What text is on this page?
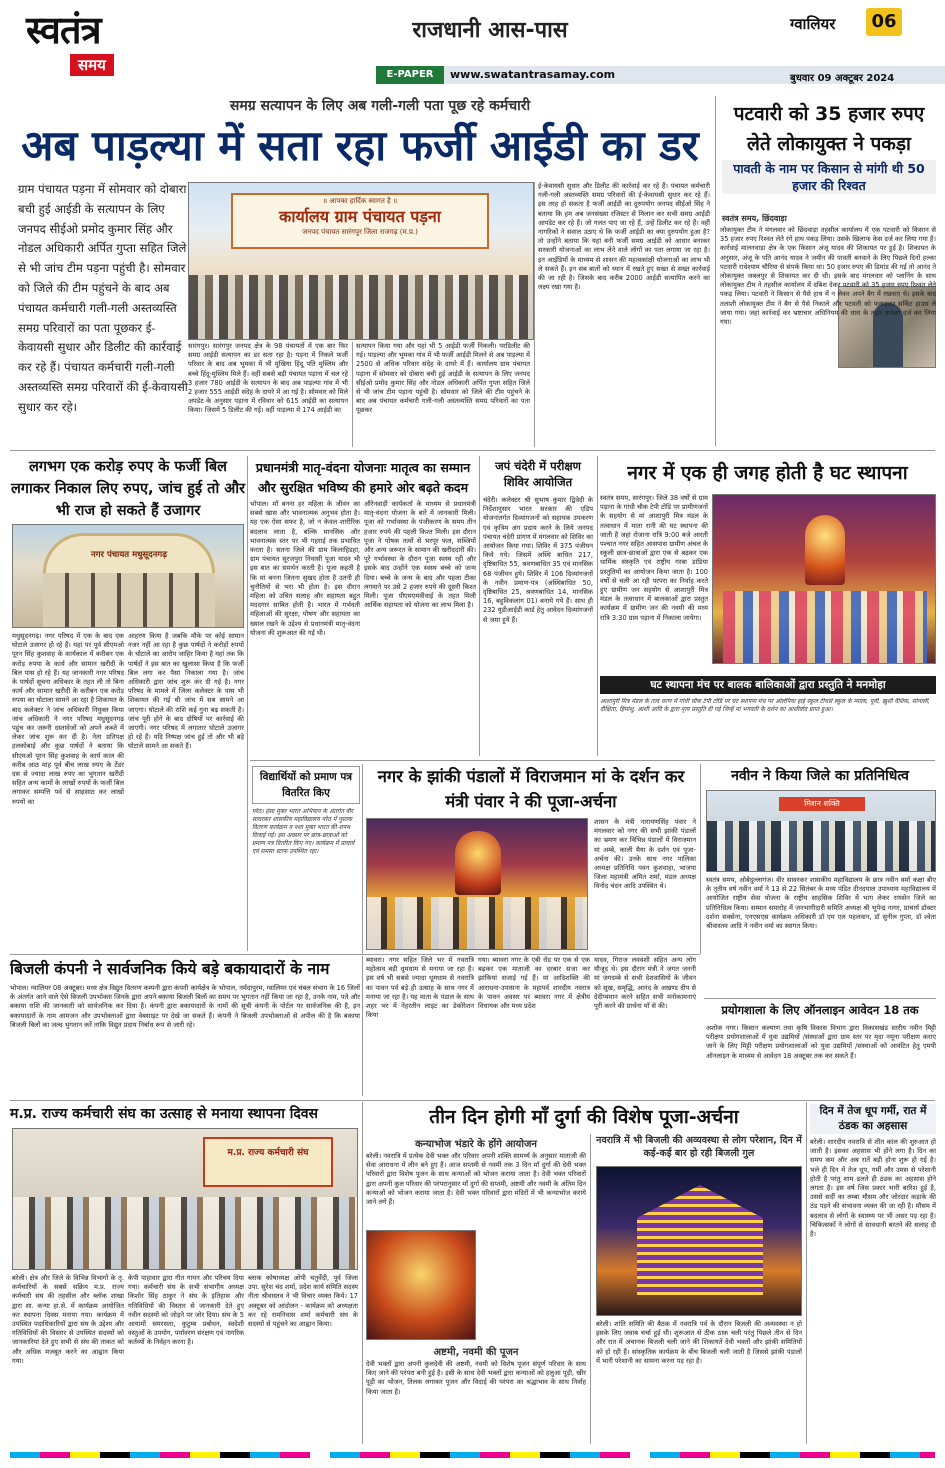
स्वतंत्र
समय
राजधानी आस-पास
E-PAPER	www.swatantrasamay.com
ग्वालियर	06
बुधवार 09 अक्टूबर 2024
समग्र सत्यापन के लिए अब गली-गली पता पूछ रहे कर्मचारी
अब पाड़ल्या में सता रहा फर्जी आईडी का डर
ग्राम पंचायत पड़ना में सोमवार को दोबारा बची हुई आईडी के सत्यापन के लिए जनपद सीईओ प्रमोद कुमार सिंह और नोडल अधिकारी अर्पित गुप्ता सहित जिले से भी जांच टीम पड़ना पहुंची है। सोमवार को जिले की टीम पहुंचने के बाद अब पंचायत कर्मचारी गली-गली अस्तव्यस्ति समग्र परिवारों का पता पूछकर ई-केवायसी सुधार और डिलीट की कार्रवाई कर रहे हैं। पंचायत कर्मचारी गली-गली अस्तव्यस्ति समग्र परिवारों की ई-केवायसी सुधार कर रहे।
॥ आपका हार्दिक स्वागत है ॥
कार्यालय ग्राम पंचायत पड़ना
जनपद पंचायत सारंगपुर जिला राजगढ़ (म.प्र.)
सारंगपुर। सारंगपुर जनपद क्षेत्र के 98 पंचायतों में एक बार फिर समग्र आईडी सत्यापन का डर सता रहा है। पड़ना में निकले फर्जी परिवार के बाद अब भूमका में भी मुखिया हिंदू पति मुस्लिम और बच्चे हिंदू-मुस्लिम मिले हैं। वहीं सबसे बड़ी पंचायत पड़ाना में चल रहे 3 हजार 780 आईडी के सत्यापन के बाद अब पाड़ल्या गांव में भी 2 हजार 555 आईडी संदेह के दायरे में आ गई है। सोमवार को मिले अपडेट के अनुसार पड़ाना में रविवार को 615 आईडी का सत्यापन किया। जिसमें 5 डिलीट की गई। वहीं पाड़ल्या में 174 आईडी का
सत्यापन किया गया और यहां भी 5 आईडी फर्जी निकली। परडिलीट की गई। पाड़ल्या और भूमका गांव में भी फर्जी आईडी मिलने से अब पाड़ल्या में 2500 से अधिक परिवार संदेह के दायरे में हैं। कार्यालय ग्राम पंचायत पड़ाना में सोमवार को दोबारा बची हुई आईडी के सत्यापन के लिए जनपद सीईओ प्रमोद कुमार सिंह और नोडल अधिकारी अर्पित गुप्ता सहित जिले से भी जांच टीम पड़ाना पहुंची है। सोमवार को जिले की टीम पहुंचने के बाद अब पंचायत कर्मचारी गली-गली अस्तव्यस्ति समग्र परिवारों का पता पूछकर
ई-केवायसी सुधार और डिलीट की कार्रवाई कर रहे हैं। पंचायत कर्मचारी गली-गली अस्तव्यस्ति समग्र परिवारों की ई-केवायसी सुधार कर रहे हैं। इस तरह हो सकता है फर्जी आईडी का दुरुपयोग जनपद सीईओ सिंह ने बताया कि हम अब जनसंख्या रजिस्टर से मिलान कर सभी समग्र आईडी आपडेट कर रहे हैं। जो गलत पाए जा रहे हैं, उन्हें डिलीट कर रहे हैं। वहीं नागरिकों ने सवाल उठाए थे कि फर्जी आईडी का क्या दुरुपयोग हुआ है? तो उन्होंने बताया कि यहां बनी फर्जी समग्र आईडी को आधार बनाकर सरकारी योजनाओं का लाभ लेने वाले लोगों का पता लगाया जा रहा है। इन आईडियों के माध्यम से शासन की महत्वकांक्षी योजनाओं का लाभ भी ले सकते हैं। इन सब बातों को ध्यान में रखते हुए सख्त से सख्त कार्रवाई की जा रही है। जिसके बाद करीब 2000 आईडी सत्यापित करने का लक्ष्य रखा गया है।
पटवारी को 35 हजार रुपए
लेते लोकायुक्त ने पकड़ा
पावती के नाम पर किसान से मांगी थी 50 हजार की रिश्वत
स्वतंत्र समय, छिंदवाड़ा
लोकायुक्त टीम ने मंगलवार को छिंदवाड़ा तहसील कार्यालय में एक पटवारी को किसान से 35 हजार रुपए रिश्वत लेते रंगे हाथ पकड़ लिया। उसके खिलाफ केस दर्ज कर लिया गया है। कार्रवाई मालनवाड़ा क्षेत्र के एक किसान अंजू यादव की शिकायत पर हुई है। शिकायत के अनुसार, अंजू के पति आनंद यादव ने जमीन की पावती बनवाने के लिए पिछले दिनों हल्का पटवारी राधेश्याम चौरिया से संपर्क किया था। 50 हजार रुपए की डिमांड की गई तो आनंद ने लोकायुक्त जबलपुर से शिकायत कर दी थी। इसके बाद मंगलवार को प्लानिंग के साथ लोकायुक्त टीम ने तहसील कार्यालय में दबिश देकर पटवारी को 35 हजार रुपए रिश्वत लेते पकड़ लिया। पटवारी ने किसान से पैसे हाथ में न लेकर अपने बैग में रखवाए थे। इसके बाद तलाशी लोकायुक्त टीम ने बैग से पैसे निकाले और पटवारी को फकड़कर सर्किट हाउस ले जाया गया। जहां कार्रवाई कर भ्रष्टाचार अधिनियम की धारा के तहत मामला दर्ज कर लिया गया।
लगभग एक करोड़ रुपए के फर्जी बिल लगाकर निकाल लिए रुपए, जांच हुई तो और भी राज हो सकते हैं उजागर
नगर पंचायत मधुसूदनगढ़
मधुसूदनगढ़। नगर परिषद में एक के बाद एक घोटाले उजागर हो रहे हैं। यहां पर पूर्व सीएमओ पूरन सिंह कुशवाह के कार्यकाल में करीबन एक करोड़ रुपया के कार्य और सामान खरीदी के बिल पास हो रहे हैं। यह जानकारी नगर परिषद के पार्षदों सूचना अधिकार के तहत ली तो बिना कार्य और सामान खरीदी के करीबन एक करोड़ रुपया का घोटाला सामने आ रहा है शिकायत के बाद कलेक्टर ने जांच अधिकारी नियुक्त किया जांच अधिकारी ने नगर परिषद मधुसूदनगढ़ पहुंच कर जरूरी दस्तावेजों को अपने कब्जे में लेकर जांच शुरू कर दी है। नेता प्रतिपक्ष हलकोबाई और कुछ पार्षदों ने बताया कि सीएमओ पूरन सिंह कुशवाह के कार्य काल की करीब आठ माह पूर्व बीच लाख रुपए के टेंडर दस से ज्यादा लाख रुपए का भुगतान खरीदी सहित अन्य कामों के लाखों रुपयों के फर्जी बिल लगाकर सम्पत्ति पर्व से साढ़साठ कर लाखों रुपयों का
आहरण किया है जबकि मौके पर कोई सामान नजर नहीं आ रहा है कुछ पार्षदों ने करोड़ों रुपयों के घोटाले का आरोप जाहिर किया है यहां तक कि पार्षदों ने इस बात का खुलासा किया है कि फर्जी बिल लगा कर पैसा निकाला गया है। जांच अधिकारी द्वारा जांच शुरू कर दी गई है। नगर परिषद के मामले में जिला कलेक्टर के पास भी शिकायत की गई थी जांच में सब सामने आ जाएगा। घोटाले की राशि कई गुना बढ़ सकती है। जांच पूरी होने के बाद दोषियों पर कार्रवाई की जाएगी। नगर परिषद में लगातार घोटाले उजागर हो रहे हैं। यदि निष्पक्ष जांच हुई तो और भी बड़े घोटाले सामने आ सकते हैं।
प्रधानमंत्री मातृ-वंदना योजनाः मातृत्व का सम्मान और सुरक्षित भविष्य की हमारे ओर बढ़ते कदम
भोपाल। माँ बनना हर महिला के जीवन का सबसे खास और भावनात्मक अनुभव होता है। यह एक ऐसा सफर है, जो न केवल शारीरिक बदलाव लाता है, बल्कि मानसिक और भावनात्मक स्तर पर भी गहराई तक प्रभावित करता है। सतना जिले की ग्राम किलाहिडहा, ग्राम पंचायत सूरजपुरा निवासी पूजा यादव भी इस बात का समर्थन करती है। पूजा कहती है कि मां बनना जितना सुखद होता है उतनी ही चुनौतियों से भरा भी होता है। इस दौरान महिला को उचित सलाह और सहायता बहुत मददगार साबित होती है। भारत में गर्भवती महिलाओं की सुरक्षा, पोषण और सहायता का ख्याल रखने के उद्देश्य से प्रधानमंत्री मातृ-वंदना योजना की शुरूआत की गई थी।
औरेनवाड़ी कार्यकर्ता के माध्यम से प्रधानमंत्री मातृ-वंदना योजना के बारे में जानकारी मिली। पूजा को गर्भावस्था के पंजीकरण के समय तीन हजार रुपये की पहली किश्त मिली। इस दौरान पूजा ने पोषक तत्वों से भरपूर फल, सब्जियों और अन्य जरूरत के सामान की खरीददारी की। पूरे गर्भावस्था के दौरान पूजा स्वस्थ रही और इसके बाद उन्होंने एक स्वस्थ बच्चे को जन्म दिया। बच्चे के जन्म के बाद और पहला टीका लगवाने पर उसे 2 हजार रुपये की दूसरी किश्त मिली। पूजा पीएमएमवीवाई के तहत मिली आर्थिक सहायता को योजना का लाभ मिला है।
जपं चंदेरी में परीक्षण शिविर आयोजित
चंदेरी। कलेक्टर श्री सुभाष कुमार द्विवेदी के निर्देशानुसार भारत सरकार की एडिप योजनांतर्गत दिव्यांगजनों को सहायक उपकरण एवं कृत्रिम अंग प्रदाय करने के लिये जनपद पंचायत चंदेरी प्रांगण में मंगलवार को शिविर का आयोजन किया गया। शिविर में 375 पंजीयन किये गये। जिसमें अस्थि बाधित 217, दृष्टिबाधित 55, श्रवणबाधित 35 एवं मानसिक 68 पंजीयन हुये। शिविर में 106 दिव्यांगजनों के नवीन प्रमाण-पत्र (अस्थिबाधित 50, दृष्टिबाधित 25, श्रवणबाधित 14, मानसिक 16, बहुविकलांग 01) बनाये गये हैं। साथ ही 232 यूडीआईडी कार्ड हेतु आवेदन दिव्यांगजनों से जमा हुये हैं।
नगर में एक ही जगह होती है घट स्थापना
स्वतंत्र समय, सारंगपुर। जिले 38 वर्षों से ग्राम पड़ाना के गांधी चौक टेपी टोडि पर प्रामीणजनों के सहयोग से मां आशापुरी मित्र मंडल के तत्वाधान में माता रानी की घट स्थापना की जाती है जहां रोजाना रात्रि 9:00 बजे आरती पश्चात नगर सहित आसपास ग्रामीण अंचल के स्कूली छात्र-छात्राओं द्वारा एक से बढ़कर एक धार्मिक संस्कृति एवं राष्ट्रीय गरबा डांडिया प्रस्तुतियों का आयोजन किया जाता है। 100 वर्षों से चली आ रही परंपरा का निर्वाह करते हुए ग्रामीण जन सहयोग से आशापुरी मित्र मंडल के तत्वाधान में बालकाओं द्वारा प्रस्तुत कार्यक्रम में ग्रामीण जन की नवमी की मध्य रात्रि 3:30 ग्राम पड़ाना में निकाला जायेगा।
घट स्थापना मंच पर बालक बालिकाओं द्वारा प्रस्तुति ने मनमोहा
आशापुरी मित्र मंडल के तत्व धरण में गांधी चौक टेपी टोडि पर घट स्थापना मंच पर ओलंपिया हाई स्कूल टीचर्स स्कूल के म्याला, पूर्वी, खुशी वैशिक, सोनाली, दीक्षिता, हिमांशु, आशी आदि के द्वारा नृत्य प्रस्तुति दी गई जिन्हें मां भगवती के दर्शन का आशीर्वाद प्राप्त हुआ।
विद्यार्थियों को प्रमाण पत्र वितरित किए
परेठ। हंसा मुक्त भारत अभियान के अंतर्गत वीर सावरकर शासकीय महाविद्यालय परेठ में पुस्तक वितरण कार्यक्रम व नशा मुक्त भारत की शपथ दिलाई गई। इस अवसर पर छात्र-छात्राओं को प्रमाण पत्र वितरित किए गए। कार्यक्रम में प्राचार्य एवं समस्त स्टाफ उपस्थित रहा।
नगर के झांकी पंडालों में विराजमान मां के दर्शन कर मंत्री पंवार ने की पूजा-अर्चना
शासन के मंत्री नारायणसिंह पंवार ने मंगलवार को नगर की सभी झांकी पंडालों का भ्रमण कर विभिन्न पंडालों में विराजमान मां अम्बे, काली मैया के दर्शन एवं पूजा-अर्चना की। उनके साथ नगर पालिका अध्यक्ष प्रतिनिधि पवन कुशवाहा, भाजपा जिला महामंत्री अमित शर्मा, मंडल अध्यक्ष विनोद चंदन आदि उपस्थित थे।
नवीन ने किया जिले का प्रतिनिधित्व
मिशन शक्ति
स्वतंत्र समय, ओबेदुल्लागंज। वीर सावरकर शासकीय महाविद्यालय के छात्र नवीन वर्मा कक्षा बीए के तृतीय वर्ष नवीन वर्मा ने 13 से 22 सितंबर के मध्य पंडित दीनदयाल उपाध्याय महाविद्यालय में आयोजित राष्ट्रीय सेवा योजना के राष्ट्रीय साहसिक शिविर में भाग लेकर रायसेन जिले का प्रतिनिधित्व किया। सम्मान समारोह में जनभागीदारी समिति अध्यक्ष श्री भूपेन्द्र नागर, प्राचार्य डॉक्टर दर्शना सक्सेना, एनएसएस कार्यक्रम अधिकारी डॉ एम एल पहलवान, डॉ सुनील गुप्ता, डॉ श्वेता श्रीवास्तव आदि ने नवीन वर्मा का स्वागत किया।
बिजली कंपनी ने सार्वजनिक किये बड़े बकायादारों के नाम
भोपाल। ग्वालियर 08 अक्टूबर। मध्य क्षेत्र विद्युत वितरण कम्पनी द्वारा कंपनी कार्यक्षेत्र के भोपाल, नर्मदापुरम, ग्वालियर एवं चंबल संभाग के 16 जिलों के अंतर्गत आने वाले ऐसे बिजली उपभोक्ता जिनके द्वारा अपने बकाया बिजली बिलों का समय पर भुगतान नहीं किया जा रहा है, उनके नाम, पते और बकाया राशि की जानकारी को सार्वजनिक कर दिया है। कंपनी द्वारा बकायादारों के नामों की सूची कंपनी के पोर्टल पर सार्वजनिक की है, इन बकायादारों के नाम आमजन और उपभोक्ताओं द्वारा वेबसाइट पर देखे जा सकते हैं। कंपनी ने बिजली उपभोक्ताओं से अपील की है कि बकाया बिजली बिलों का जल्द भुगतान करें ताकि विद्युत प्रदाय निर्बाध रूप से जारी रहे।
ब्यावरा। नगर सहित जिले भर में नवरात्रि महोत्सव बड़ी धूमधाम से मनाया जा रहा है। इस वर्ष भी सबसे ज्यादा धूमधाम से नवरात्रि का पावन पर्व बड़े ही उत्साह के साथ नगर में मनाया जा रहा है। यह माता के पंडाल के साथ शहर भर में नेहरतीन लाइट का डेकोरेशन किया
गया। ब्यावरा नगर के एबी रोड पर एक से एक बढ़कर एक माताजी का दरबार सजा कर झांकियां सजाई गई हैं। मां आदिशक्ति की आराधना-उपासना के महापर्व शारदीय नवरात्र के पावन अवसर पर ब्यावरा नगर में क्षेत्रीय विधायक और मध्य प्रदेश
यादव, गिराज लववंशी सहित अन्य लोग मौजूद थे। इस दौरान मंत्री ने जगत जननी मां जगदम्बे से सभी देशवासियों के जीवन को सुख, समृद्धि, आनंद के अखण्ड दीप से देदीप्यमान करने सहित सभी मनोकामनाएं पूरी करने की प्रार्थना माँ से की।	प्रयोगशाला के लिए ऑनलाइन आवेदन 18 तक
अशोक नगर। किसान कल्याण तथा कृषि विकास विभाग द्वारा विकासखंड स्तरीय नवीन मिट्टी परीक्षण प्रयोगशालाओं में युवा उद्यमियों /संस्थाओं द्वारा ग्राम स्तर पर मृदा नमूना परीक्षण कराए जाने के लिए मिट्टी परीक्षण प्रयोगशालाओं को युवा उद्यमियों /संस्थाओं को आवंटित हेतु एमपी ऑनलाइन के माध्यम से आवेदन 18 अक्टूबर तक कर सकते हैं।
म.प्र. राज्य कर्मचारी संघ का उत्साह से मनाया स्थापना दिवस
म.प्र. राज्य कर्मचारी संघ
बरेली। क्षेत्र और जिले के विभिन्न विभागों के तृ. कर्मचारियों के सबसे सक्रिय म.प्र. राज्य कर्मचारी संघ की तहसील और ब्लॉक शाखा द्वारा शा. कन्या हा.से. में कार्यक्रम आयोजित कर स्थापना दिवस मनाया गया। कार्यक्रम में उपस्थित पदाधिकारियों द्वारा संघ के उद्देश्य और गतिविधियों की विस्तार से उपस्थित सदस्यों को जानकारियां देते हुए सभी से संघ की ताकत को और अधिक मजबूत करने का आह्वान किया गया।
केपी पाहावार द्वारा गीत गायन और परिचय दिया गया। कर्मचारी संघ के सभी संभागीय अध्यक्ष किशोर सिंह ठाकुर ने संघ के इतिहास और गतिविधियों की विस्तार से जानकारी देते हुए नवीन सदस्यों को जोड़ने पर जोर दिया। संघ के 5 आयामों समरसता, कुटुम्ब प्रबोधन, स्वदेशी वस्तुओं के उपयोग, पर्यावरण संरक्षण एवं नागरिक कर्तव्यों के निर्वहन करना है।
ब्लाक कोषाध्यक्ष ओपी चतुर्वेदी, पूर्व जिला उपा. सुरेश चंद शर्मा, प्रदेश कार्य समिति सदस्य नीता श्रीवास्तव ने भी विचार व्यक्त किये। 17 अक्टूबर को आंदोलन - कार्यक्रम को अध्यक्षता कर रहे रामनिवास शर्मा कर्मचारी संघ के सदस्यों से पहुंचने का आह्वान किया।
तीन दिन होगी माँ दुर्गा की विशेष पूजा-अर्चना
कन्याभोज भंडारे के होंगे आयोजन
बरेली। नवरात्रि में प्रत्येक देवी भक्त और परिवार अपनी शक्ति सामर्थ्य के अनुसार माताजी की सेवा आराधना में लीन बने हुए हैं। आज सप्तमी से नवमी तक 3 दिन माँ दुर्गा की देवी भक्त परिवारों द्वारा विशेष पूजन के साथ कन्याओं को भोजन कराया जाता है। देवी भक्त परिवारों द्वारा अपनी कुल परिवार की परंपरानुसार माँ दुर्गा की सप्तमी, अष्टमी और नवमी के अंतिम दिन कन्याओं को भोजन कराया जाता है। देवी भक्त परिवारों द्वारा मंदिरों में भी कन्याभोज कराये जाने लगे हैं।
अष्टमी, नवमी की पूजन
देवी भक्तों द्वारा अपनी कुलदेवी की अष्टमी, नवमी को विशेष पूजन संपूर्ण परिवार के साथ किए जाने की परंपरा बनी हुई है। इसी के साथ देवी भक्तों द्वारा कन्याओं को हलुआ पूड़ी, खीर पूड़ी का भोजन, तिलक लगाकर पूजन और विदाई की परंपरा का श्रद्धाभाव के साथ निर्वाह किया जाता है।
नवरात्रि में भी बिजली की अव्यवस्था से लोग परेशान, दिन में कई-कई बार हो रही बिजली गुल
बरेली। शांति समिति की बैठक में नवरात्रि पर्व के दौरान बिजली की अव्यवस्था न हो इसके लिए जवाब चर्चा हुई थी। शुरूआत से ठीक ठाक चली परंतु पिछले तीन से दिन और रात में अचानक बिजली चली जाने की शिकायतें देवी भक्तों और झांकी समितियों को हो रही हैं। सांस्कृतिक कार्यक्रम के बीच बिजली चली जाती है जिससे झांकी पंडालों में भारी परेशानी का सामना करना पड़ रहा है।
दिन में तेज धूप गर्मी, रात में ठंडक का अहसास
बरेली। शारदीय नवरात्रि से शीत काल की शुरुआत हो जाती है। इसका अहसास भी होने लगा है। दिन का समय कम और अब रातें बड़ी होना शुरू हो गई है। भले ही दिन में तेज धूप, गर्मी और उमस से परेशानी होती है परंतु शाम ढलते ही ठंडक का अहसास होने लगता है। इस वर्ष जिस प्रकार भारी बारिश हुई है, उससे सर्दी का लम्बा मौसम और जोरदार कड़ाके की ठंड पड़ने की संभावना व्यक्त की जा रही है। मौसम में बदलाव से लोगों के स्वास्थ्य पर भी असर पड़ रहा है। चिकित्सकों ने लोगों से सावधानी बरतने की सलाह दी है।
